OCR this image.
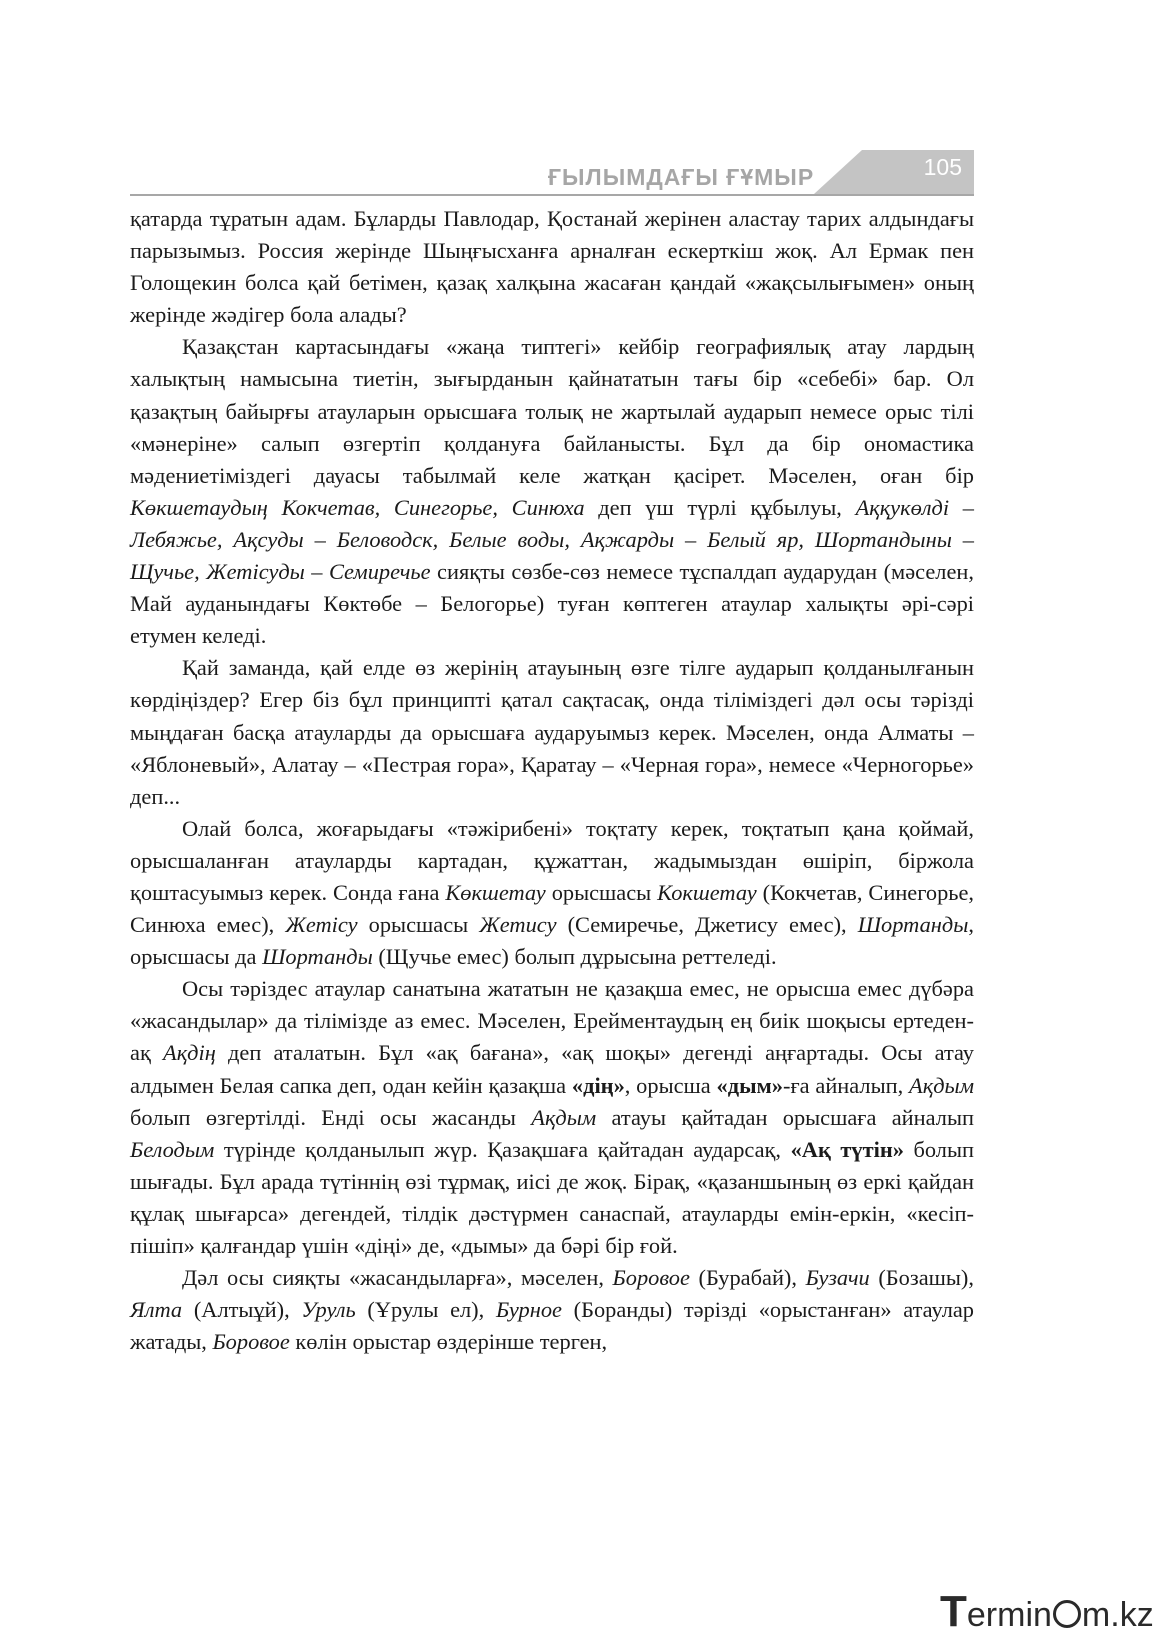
ҒЫЛЫМДАҒЫ ҒҰМЫР	105

қатарда тұратын адам. Бұларды Павлодар, Қостанай жерінен аластау тарих алдындағы парызымыз. Россия жерінде Шыңғысханға арналған ескерткіш жоқ. Ал Ермак пен Голощекин болса қай бетімен, қазақ халқына жасаған қандай «жақсылығымен» оның жерінде жәдігер бола алады?

Қазақстан картасындағы «жаңа типтегі» кейбір географиялық атау лардың халықтың намысына тиетін, зығырданын қайнататын тағы бір «себебі» бар. Ол қазақтың байырғы атауларын орысшаға толық не жартылай аударып немесе орыс тілі «мәнеріне» салып өзгертіп қолдануға байланысты. Бұл да бір ономастика мәдениетіміздегі дауасы табылмай келе жатқан қасірет. Мәселен, оған бір Көкшетаудың Кокчетав, Синегорье, Синюха деп үш түрлі құбылуы, Аққукөлді – Лебяжье, Ақсуды – Беловодск, Белые воды, Ақжарды – Белый яр, Шортандыны – Щучье, Жетісуды – Семиречье сияқты сөзбе-сөз немесе тұспалдап аударудан (мәселен, Май ауданындағы Көктөбе – Белогорье) туған көптеген атаулар халықты әрі-сәрі етумен келеді.

Қай заманда, қай елде өз жерінің атауының өзге тілге аударып қолданылғанын көрдіңіздер? Егер біз бұл принципті қатал сақтасақ, онда тіліміздегі дәл осы тәрізді мыңдаған басқа атауларды да орысшаға аударуымыз керек. Мәселен, онда Алматы – «Яблоневый», Алатау – «Пестрая гора», Қаратау – «Черная гора», немесе «Черногорье» деп...

Олай болса, жоғарыдағы «тәжірибені» тоқтату керек, тоқтатып қана қоймай, орысшаланған атауларды картадан, құжаттан, жадымыздан өшіріп, біржола қоштасуымыз керек. Сонда ғана Көкшетау орысшасы Кокшетау (Кокчетав, Синегорье, Синюха емес), Жетісу орысшасы Жетису (Семиречье, Джетису емес), Шортанды, орысшасы да Шортанды (Щучье емес) болып дұрысына реттеледі.

Осы тәріздес атаулар санатына жататын не қазақша емес, не орысша емес дүбәра «жасандылар» да тілімізде аз емес. Мәселен, Ерейментаудың ең биік шоқысы ертеден-ақ Ақдің деп аталатын. Бұл «ақ бағана», «ақ шоқы» дегенді аңғартады. Осы атау алдымен Белая сапка деп, одан кейін қазақша «дің», орысша «дым»-ға айналып, Ақдым болып өзгертілді. Енді осы жасанды Ақдым атауы қайтадан орысшаға айналып Белодым түрінде қолданылып жүр. Қазақшаға қайтадан аударсақ, «Ақ түтін» болып шығады. Бұл арада түтіннің өзі тұрмақ, иісі де жоқ. Бірақ, «қазаншының өз еркі қайдан құлақ шығарса» дегендей, тілдік дәстүрмен санаспай, атауларды емін-еркін, «кесіп-пішіп» қалғандар үшін «діңі» де, «дымы» да бәрі бір ғой.

Дәл осы сияқты «жасандыларға», мәселен, Боровое (Бурабай), Бузачи (Бозашы), Ялта (Алтыұй), Уруль (Ұрулы ел), Бурное (Боранды) тәрізді «орыстанған» атаулар жатады, Боровое көлін орыстар өздерінше терген,

Termin m.kz
